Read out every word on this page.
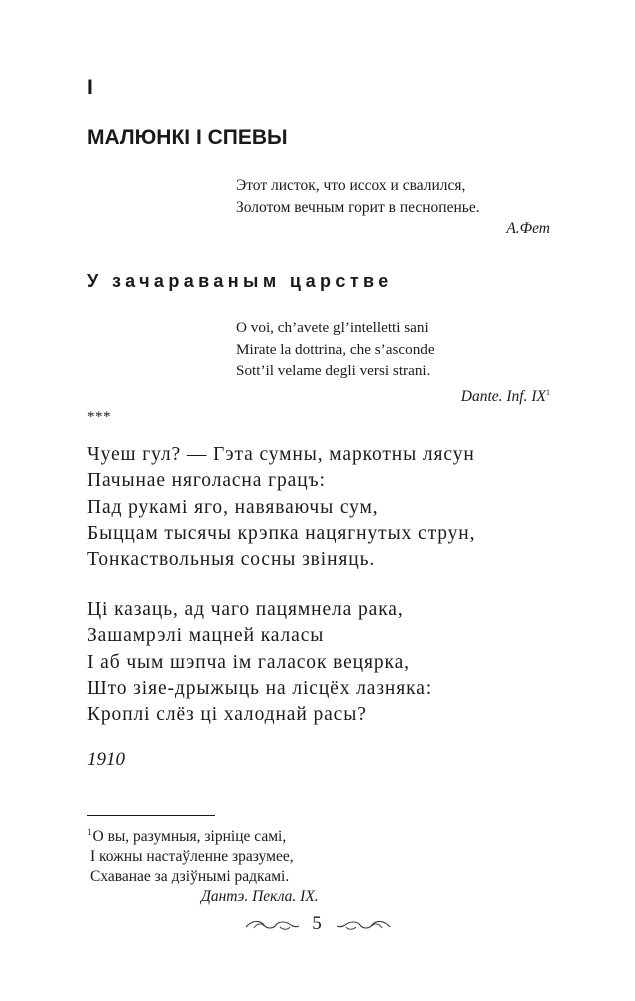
I
МАЛЮНКІ І СПЕВЫ
Этот листок, что иссох и свалился,
Золотом вечным горит в песнопенье.
А.Фет
У зачараваным царстве
O voi, ch’avete gl’intelletti sani
Mirate la dottrina, che s’asconde
Sott’il velame degli versi strani.
Dante. Inf. $IX^1$
***
Чуеш гул? — Гэта сумны, маркотны лясун
Пачынае няголасна грацъ:
Пад рукамі яго, навяваючы сум,
Быццам тысячы крэпка нацягнутых струн,
Тонкаствольныя сосны звіняць.
Ці казаць, ад чаго пацямнела рака,
Зашамрэлі мацней каласы
І аб чым шэпча ім галасок вецярка,
Што зіяе-дрыжыць на лісцёх лазняка:
Кроплі слёз ці халоднай расы?
1910
$^1$О вы, разумныя, зірніце самі,
І кожны настаўленне зразумее,
Схаванае за дзіўнымі радкамі.
Дантэ. Пекла. IX.
5
